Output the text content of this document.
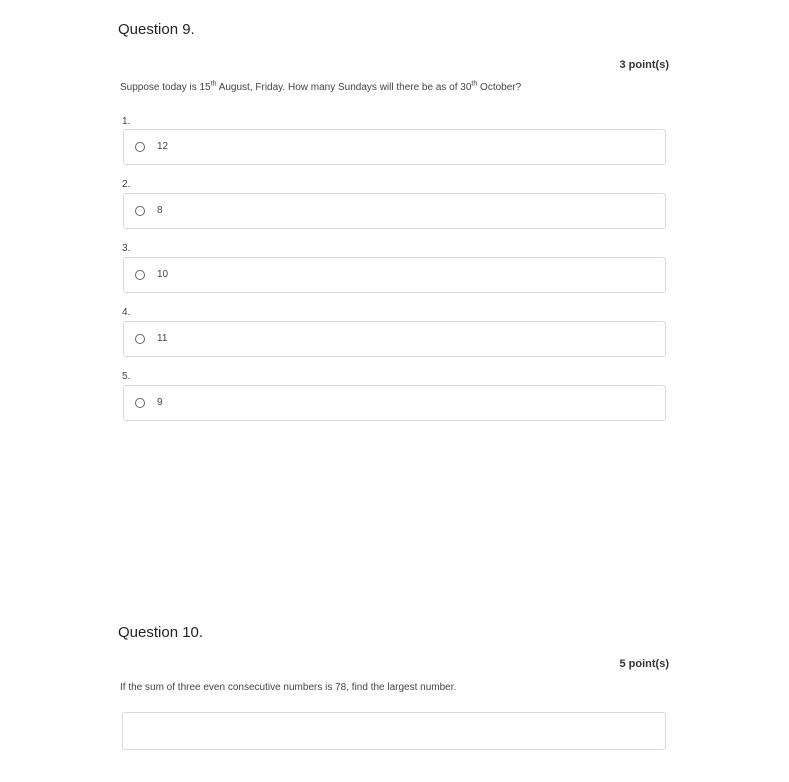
Question 9.
3 point(s)
Suppose today is 15th August, Friday. How many Sundays will there be as of 30th October?
1.
12
2.
8
3.
10
4.
11
5.
9
Question 10.
5 point(s)
If the sum of three even consecutive numbers is 78, find the largest number.
